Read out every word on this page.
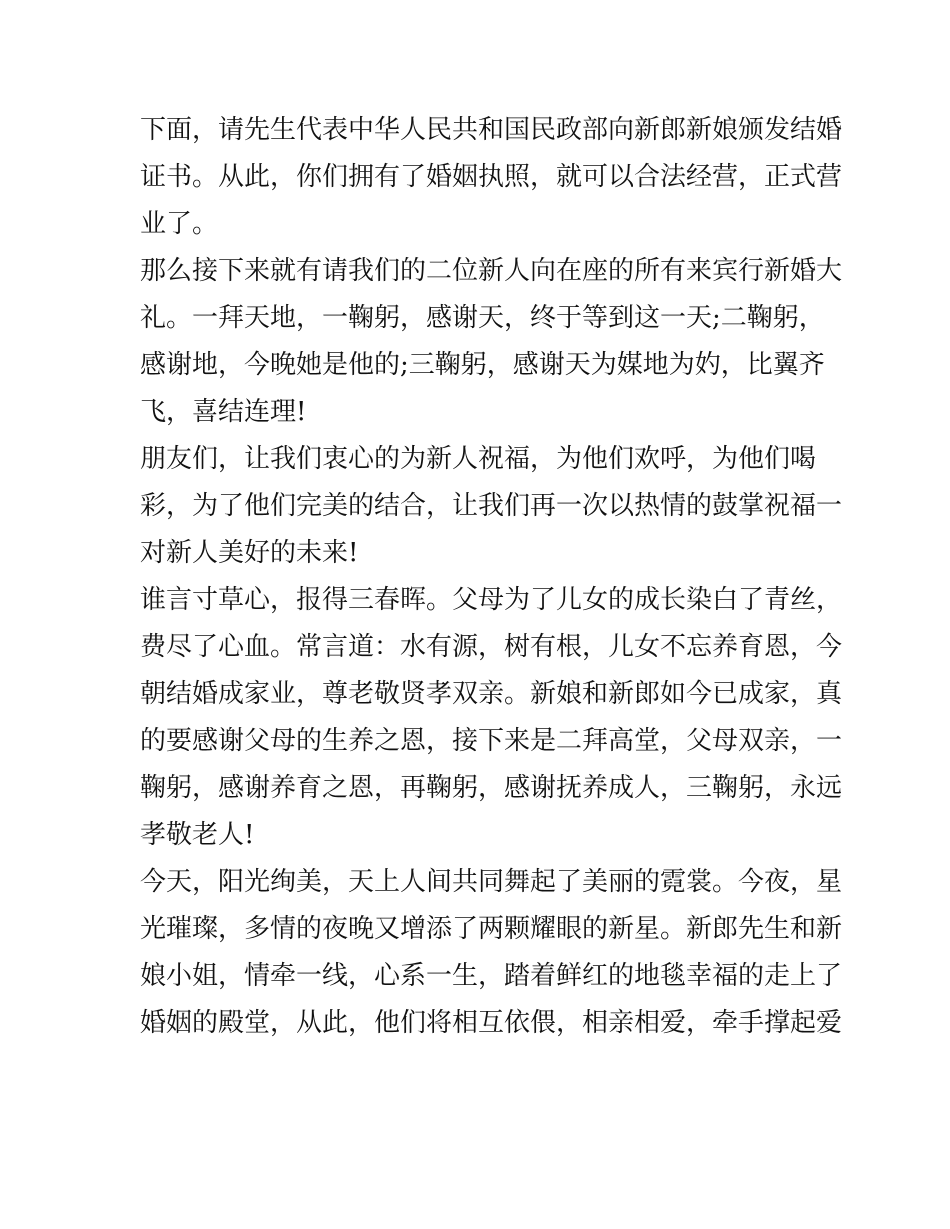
下面，请先生代表中华人民共和国民政部向新郎新娘颁发结婚
证书。从此，你们拥有了婚姻执照，就可以合法经营，正式营
业了。
那么接下来就有请我们的二位新人向在座的所有来宾行新婚大
礼。一拜天地，一鞠躬，感谢天，终于等到这一天;二鞠躬，
感谢地，今晚她是他的;三鞠躬，感谢天为媒地为妁，比翼齐
飞，喜结连理!
朋友们，让我们衷心的为新人祝福，为他们欢呼，为他们喝
彩，为了他们完美的结合，让我们再一次以热情的鼓掌祝福一
对新人美好的未来!
谁言寸草心，报得三春晖。父母为了儿女的成长染白了青丝，
费尽了心血。常言道：水有源，树有根，儿女不忘养育恩，今
朝结婚成家业，尊老敬贤孝双亲。新娘和新郎如今已成家，真
的要感谢父母的生养之恩，接下来是二拜高堂，父母双亲，一
鞠躬，感谢养育之恩，再鞠躬，感谢抚养成人，三鞠躬，永远
孝敬老人!
今天，阳光绚美，天上人间共同舞起了美丽的霓裳。今夜，星
光璀璨，多情的夜晚又增添了两颗耀眼的新星。新郎先生和新
娘小姐，情牵一线，心系一生，踏着鲜红的地毯幸福的走上了
婚姻的殿堂，从此，他们将相互依偎，相亲相爱，牵手撑起爱
